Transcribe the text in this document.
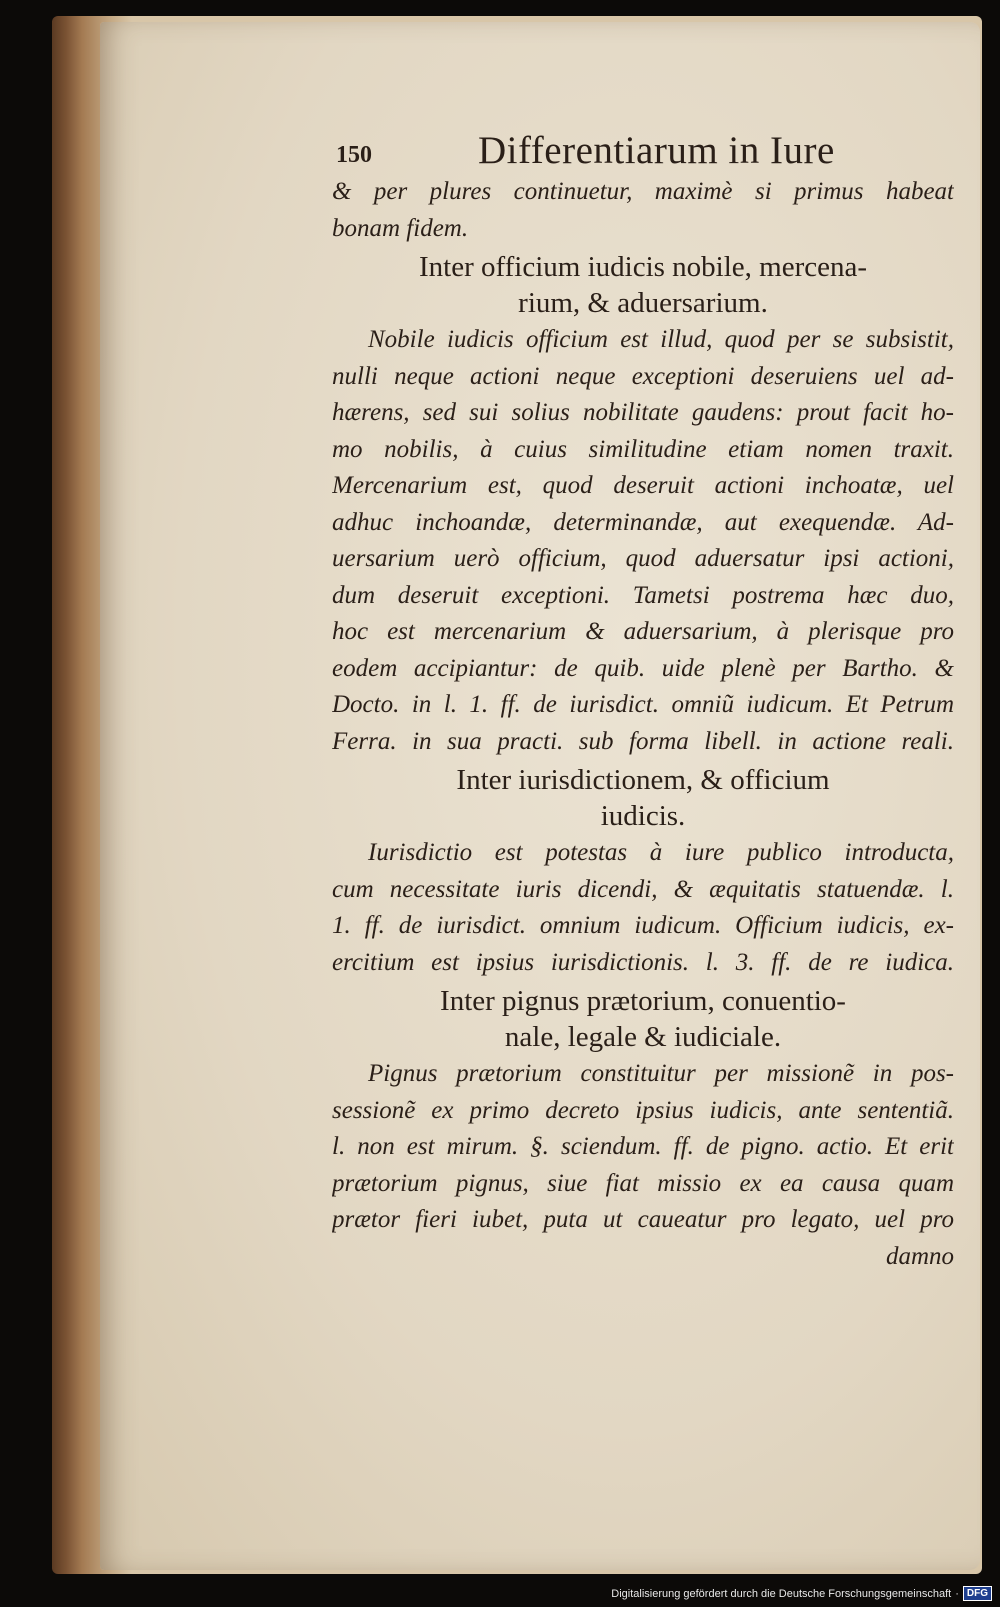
150	Differentiarum in Iure
& per plures continuetur, maximè si primus habeat
bonam fidem.
Inter officium iudicis nobile, mercena-
rium, & aduersarium.
Nobile iudicis officium est illud, quod per se subsistit,
nulli neque actioni neque exceptioni deseruiens uel ad-
hærens, sed sui solius nobilitate gaudens: prout facit ho-
mo nobilis, à cuius similitudine etiam nomen traxit.
Mercenarium est, quod deseruit actioni inchoatæ, uel
adhuc inchoandæ, determinandæ, aut exequendæ. Ad-
uersarium uerò officium, quod aduersatur ipsi actioni,
dum deseruit exceptioni. Tametsi postrema hæc duo,
hoc est mercenarium & aduersarium, à plerisque pro
eodem accipiantur: de quib. uide plenè per Bartho. &
Docto. in l. 1. ff. de iurisdict. omniũ iudicum. Et Petrum
Ferra. in sua practi. sub forma libell. in actione reali.
Inter iurisdictionem, & officium
iudicis.
Iurisdictio est potestas à iure publico introducta,
cum necessitate iuris dicendi, & æquitatis statuendæ. l.
1. ff. de iurisdict. omnium iudicum. Officium iudicis, ex-
ercitium est ipsius iurisdictionis. l. 3. ff. de re iudica.
Inter pignus prætorium, conuentio-
nale, legale & iudiciale.
Pignus prætorium constituitur per missionẽ in pos-
sessionẽ ex primo decreto ipsius iudicis, ante sententiã.
l. non est mirum. §. sciendum. ff. de pigno. actio. Et erit
prætorium pignus, siue fiat missio ex ea causa quam
prætor fieri iubet, puta ut caueatur pro legato, uel pro
damno
Digitalisierung gefördert durch die Deutsche Forschungsgemeinschaft · DFG
